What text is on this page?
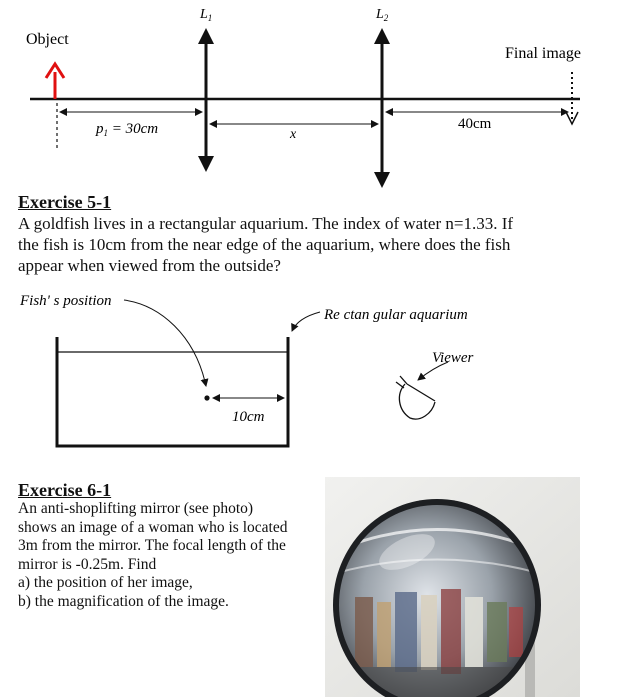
Object
Final image
$L_1$	$L_2$
$p_1 = 30cm$	x
40cm
Exercise 5-1
A goldfish lives in a rectangular aquarium. The index of water n=1.33. If
the fish is 10cm from the near edge of the aquarium, where does the fish
appear when viewed from the outside?
Fish' s position
Re ctan gular aquarium
Viewer
10cm
Exercise 6-1
An anti-shoplifting mirror (see photo)
shows an image of a woman who is located
3m from the mirror. The focal length of the
mirror is -0.25m. Find
a) the position of her image,
b) the magnification of the image.
